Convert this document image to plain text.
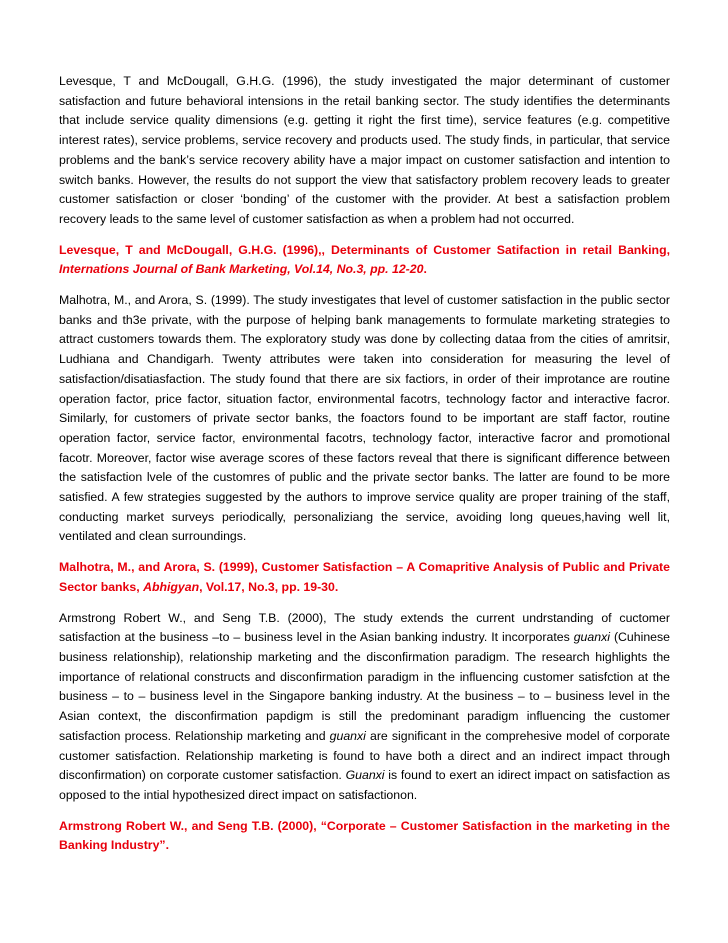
Levesque, T and McDougall, G.H.G. (1996), the study investigated the major determinant of customer satisfaction and future behavioral intensions in the retail banking sector. The study identifies the determinants that include service quality dimensions (e.g. getting it right the first time), service features (e.g. competitive interest rates), service problems, service recovery and products used. The study finds, in particular, that service problems and the bank’s service recovery ability have a major impact on customer satisfaction and intention to switch banks. However, the results do not support the view that satisfactory problem recovery leads to greater customer satisfaction or closer ‘bonding’ of the customer with the provider. At best a satisfaction problem recovery leads to the same level of customer satisfaction as when a problem had not occurred.

Levesque, T and McDougall, G.H.G. (1996),, Determinants of Customer Satifaction in retail Banking, Internations Journal of Bank Marketing, Vol.14, No.3, pp. 12-20.

Malhotra, M., and Arora, S. (1999). The study investigates that level of customer satisfaction in the public sector banks and th3e private, with the purpose of helping bank managements to formulate marketing strategies to attract customers towards them. The exploratory study was done by collecting dataa from the cities of amritsir, Ludhiana and Chandigarh. Twenty attributes were taken into consideration for measuring the level of satisfaction/disatiasfaction. The study found that there are six factiors, in order of their improtance are routine operation factor, price factor, situation factor, environmental facotrs, technology factor and interactive facror. Similarly, for customers of private sector banks, the foactors found to be important are staff factor, routine operation factor, service factor, environmental facotrs, technology factor, interactive facror and promotional facotr. Moreover, factor wise average scores of these factors reveal that there is significant difference between the satisfaction lvele of the customres of public and the private sector banks. The latter are found to be more satisfied. A few strategies suggested by the authors to improve service quality are proper training of the staff, conducting market surveys periodically, personaliziang the service, avoiding long queues,having well lit, ventilated and clean surroundings.

Malhotra, M., and Arora, S. (1999), Customer Satisfaction – A Comapritive Analysis of Public and Private Sector banks, Abhigyan, Vol.17, No.3, pp. 19-30.

Armstrong Robert W., and Seng T.B. (2000), The study extends the current undrstanding of cuctomer satisfaction at the business –to – business level in the Asian banking industry. It incorporates guanxi (Cuhinese business relationship), relationship marketing and the disconfirmation paradigm. The research highlights the importance of relational constructs and disconfirmation paradigm in the influencing customer satisfction at the business – to – business level in the Singapore banking industry. At the business – to – business level in the Asian context, the disconfirmation papdigm is still the predominant paradigm influencing the customer satisfaction process. Relationship marketing and guanxi are significant in the comprehesive model of corporate customer satisfaction. Relationship marketing is found to have both a direct and an indirect impact through disconfirmation) on corporate customer satisfaction. Guanxi is found to exert an idirect impact on satisfaction as opposed to the intial hypothesized direct impact on satisfactionon.

Armstrong Robert W., and Seng T.B. (2000), “Corporate – Customer Satisfaction in the marketing in the Banking Industry”.
